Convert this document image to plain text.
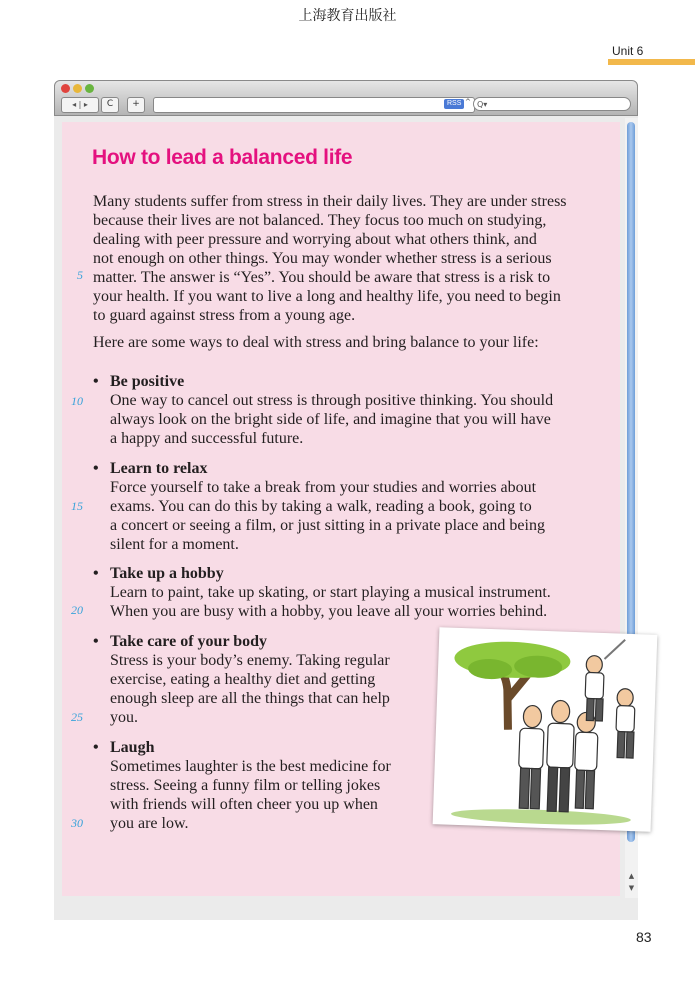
上海教育出版社
Unit 6
◂ | ▸	C	+	RSS ^ Q▾
▲
▼
How to lead a balanced life
Many students suffer from stress in their daily lives. They are under stress
because their lives are not balanced. They focus too much on studying,
dealing with peer pressure and worrying about what others think, and
not enough on other things. You may wonder whether stress is a serious
matter. The answer is “Yes”. You should be aware that stress is a risk to
your health. If you want to live a long and healthy life, you need to begin
to guard against stress from a young age.
Here are some ways to deal with stress and bring balance to your life:
• Be positive
One way to cancel out stress is through positive thinking. You should
always look on the bright side of life, and imagine that you will have
a happy and successful future.
• Learn to relax
Force yourself to take a break from your studies and worries about
exams. You can do this by taking a walk, reading a book, going to
a concert or seeing a film, or just sitting in a private place and being
silent for a moment.
• Take up a hobby
Learn to paint, take up skating, or start playing a musical instrument.
When you are busy with a hobby, you leave all your worries behind.
• Take care of your body
Stress is your body’s enemy. Taking regular
exercise, eating a healthy diet and getting
enough sleep are all the things that can help
you.
• Laugh
Sometimes laughter is the best medicine for
stress. Seeing a funny film or telling jokes
with friends will often cheer you up when
you are low.
5
10
15
20
25
30
83
